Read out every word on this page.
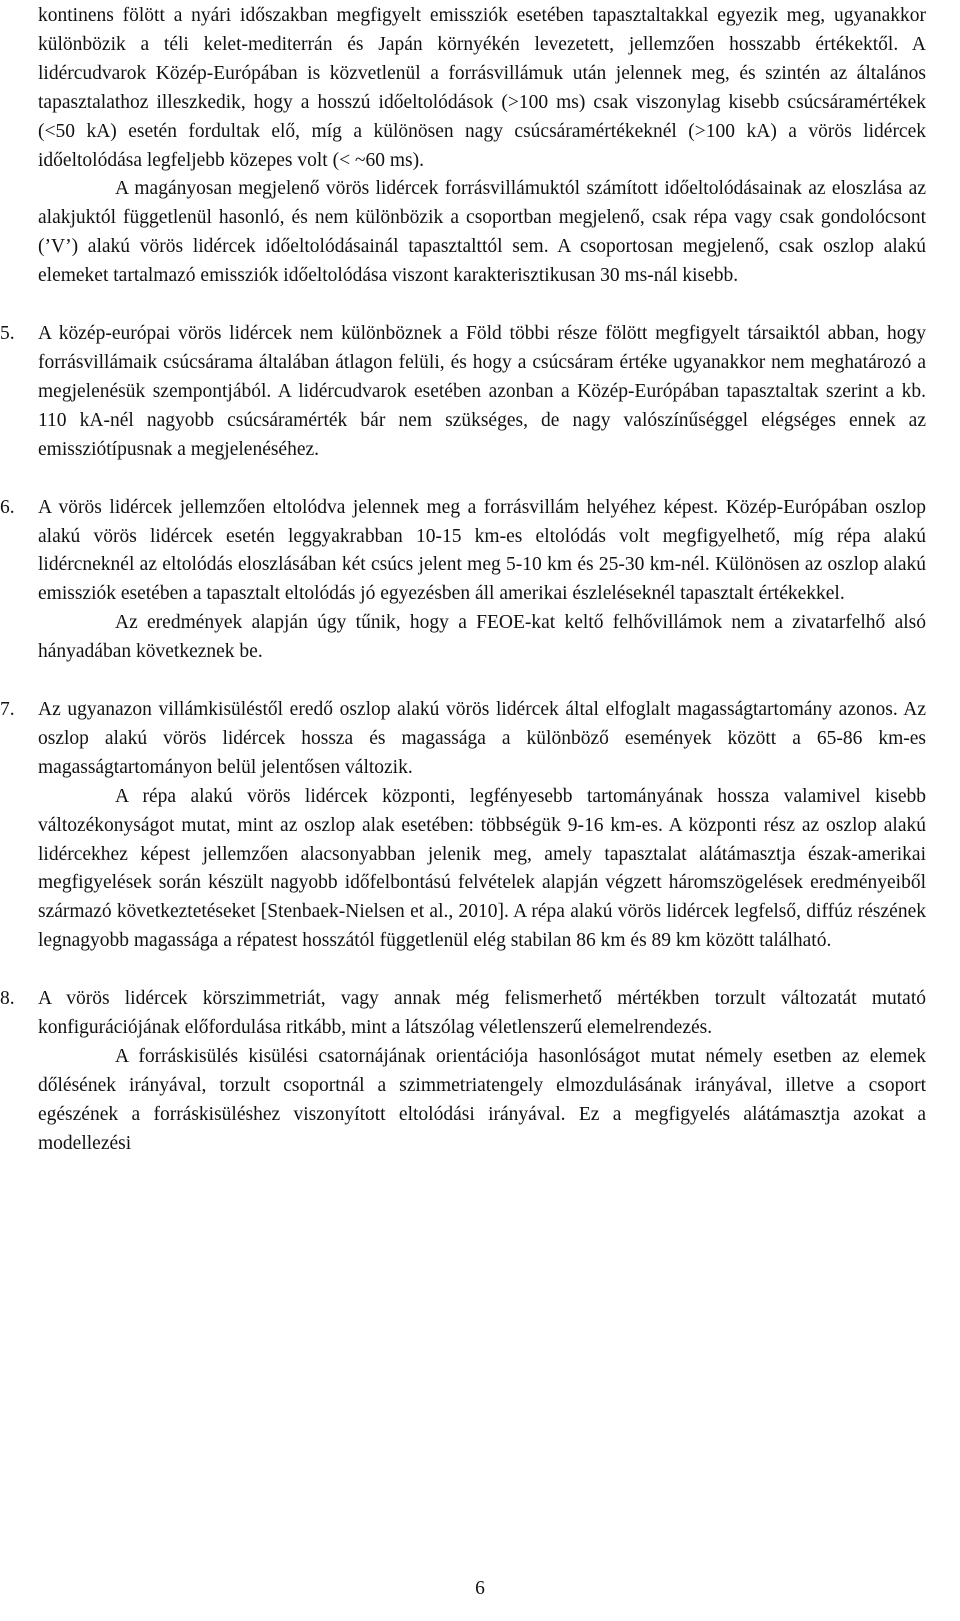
kontinens fölött a nyári időszakban megfigyelt emissziók esetében tapasztaltakkal egyezik meg, ugyanakkor különbözik a téli kelet-mediterrán és Japán környékén levezetett, jellemzően hosszabb értékektől. A lidércudvarok Közép-Európában is közvetlenül a forrásvillámuk után jelennek meg, és szintén az általános tapasztalathoz illeszkedik, hogy a hosszú időeltolódások (>100 ms) csak viszonylag kisebb csúcsáramértékek (<50 kA) esetén fordultak elő, míg a különösen nagy csúcsáramértékeknél (>100 kA) a vörös lidércek időeltolódása legfeljebb közepes volt (< ~60 ms).

A magányosan megjelenő vörös lidércek forrásvillámuktól számított időeltolódásainak az eloszlása az alakjuktól függetlenül hasonló, és nem különbözik a csoportban megjelenő, csak répa vagy csak gondolócsont (’V’) alakú vörös lidércek időeltolódásainál tapasztalttól sem. A csoportosan megjelenő, csak oszlop alakú elemeket tartalmazó emissziók időeltolódása viszont karakterisztikusan 30 ms-nál kisebb.

5.	A közép-európai vörös lidércek nem különböznek a Föld többi része fölött megfigyelt társaiktól abban, hogy forrásvillámaik csúcsárama általában átlagon felüli, és hogy a csúcsáram értéke ugyanakkor nem meghatározó a megjelenésük szempontjából. A lidércudvarok esetében azonban a Közép-Európában tapasztaltak szerint a kb. 110 kA-nél nagyobb csúcsáramérték bár nem szükséges, de nagy valószínűséggel elégséges ennek az emissziótípusnak a megjelenéséhez.

6.	A vörös lidércek jellemzően eltolódva jelennek meg a forrásvillám helyéhez képest. Közép-Európában oszlop alakú vörös lidércek esetén leggyakrabban 10-15 km-es eltolódás volt megfigyelhető, míg répa alakú lidércneknél az eltolódás eloszlásában két csúcs jelent meg 5-10 km és 25-30 km-nél. Különösen az oszlop alakú emissziók esetében a tapasztalt eltolódás jó egyezésben áll amerikai észleléseknél tapasztalt értékekkel.

Az eredmények alapján úgy tűnik, hogy a FEOE-kat keltő felhővillámok nem a zivatarfelhő alsó hányadában következnek be.

7.	Az ugyanazon villámkisüléstől eredő oszlop alakú vörös lidércek által elfoglalt magasságtartomány azonos. Az oszlop alakú vörös lidércek hossza és magassága a különböző események között a 65-86 km-es magasságtartományon belül jelentősen változik.

A répa alakú vörös lidércek központi, legfényesebb tartományának hossza valamivel kisebb változékonyságot mutat, mint az oszlop alak esetében: többségük 9-16 km-es. A központi rész az oszlop alakú lidércekhez képest jellemzően alacsonyabban jelenik meg, amely tapasztalat alátámasztja észak-amerikai megfigyelések során készült nagyobb időfelbontású felvételek alapján végzett háromszögelések eredményeiből származó következtetéseket [Stenbaek-Nielsen et al., 2010]. A répa alakú vörös lidércek legfelső, diffúz részének legnagyobb magassága a répatest hosszától függetlenül elég stabilan 86 km és 89 km között található.

8.	A vörös lidércek körszimmetriát, vagy annak még felismerhető mértékben torzult változatát mutató konfigurációjának előfordulása ritkább, mint a látszólag véletlenszerű elemelrendezés.

A forráskisülés kisülési csatornájának orientációja hasonlóságot mutat némely esetben az elemek dőlésének irányával, torzult csoportnál a szimmetriatengely elmozdulásának irányával, illetve a csoport egészének a forráskisüléshez viszonyított eltolódási irányával. Ez a megfigyelés alátámasztja azokat a modellezési

6
